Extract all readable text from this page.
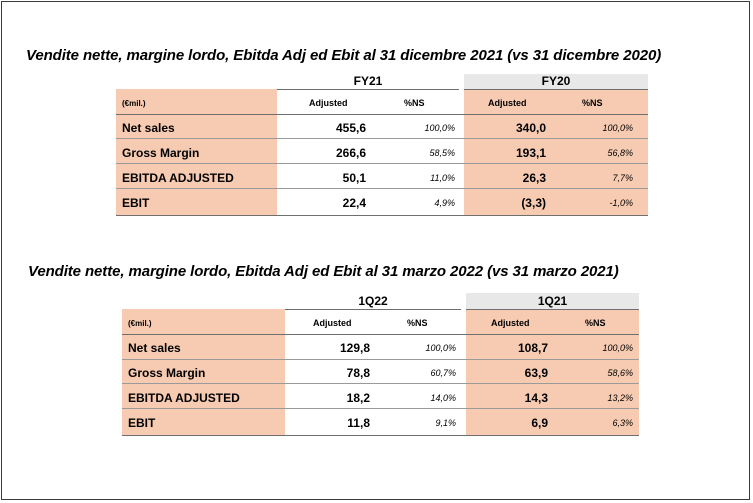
Vendite nette, margine lordo, Ebitda Adj ed Ebit al 31 dicembre 2021 (vs 31 dicembre 2020)
FY21	FY20
(€mil.)	Adjusted	%NS	Adjusted	%NS
Net sales	455,6	100,0%	340,0	100,0%
Gross Margin	266,6	58,5%	193,1	56,8%
EBITDA ADJUSTED	50,1	11,0%	26,3	7,7%
EBIT	22,4	4,9%	(3,3)	-1,0%
Vendite nette, margine lordo, Ebitda Adj ed Ebit al 31 marzo 2022 (vs 31 marzo 2021)
1Q22	1Q21
(€mil.)	Adjusted	%NS	Adjusted	%NS
Net sales	129,8	100,0%	108,7	100,0%
Gross Margin	78,8	60,7%	63,9	58,6%
EBITDA ADJUSTED	18,2	14,0%	14,3	13,2%
EBIT	11,8	9,1%	6,9	6,3%
